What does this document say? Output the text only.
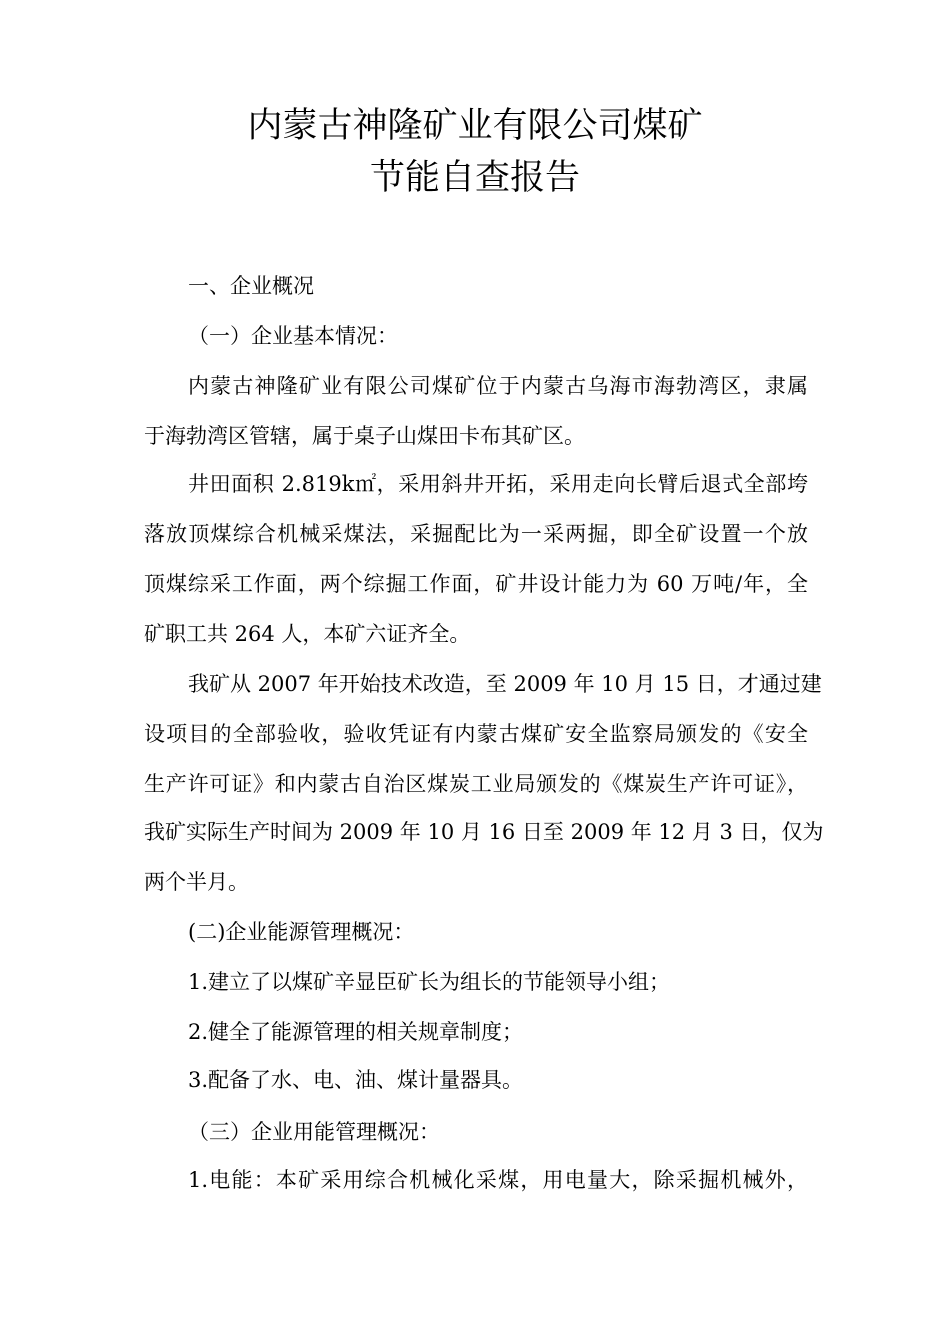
内蒙古神隆矿业有限公司煤矿
节能自查报告
一、企业概况
（一）企业基本情况：
内蒙古神隆矿业有限公司煤矿位于内蒙古乌海市海勃湾区，隶属
于海勃湾区管辖，属于桌子山煤田卡布其矿区。
井田面积 2.819k㎡，采用斜井开拓，采用走向长臂后退式全部垮
落放顶煤综合机械采煤法，采掘配比为一采两掘，即全矿设置一个放
顶煤综采工作面，两个综掘工作面，矿井设计能力为 60 万吨/年，全
矿职工共 264 人，本矿六证齐全。
我矿从 2007 年开始技术改造，至 2009 年 10 月 15 日，才通过建
设项目的全部验收，验收凭证有内蒙古煤矿安全监察局颁发的《安全
生产许可证》和内蒙古自治区煤炭工业局颁发的《煤炭生产许可证》，
我矿实际生产时间为 2009 年 10 月 16 日至 2009 年 12 月 3 日，仅为
两个半月。
(二)企业能源管理概况：
1.建立了以煤矿辛显臣矿长为组长的节能领导小组；
2.健全了能源管理的相关规章制度；
3.配备了水、电、油、煤计量器具。
（三）企业用能管理概况：
1.电能：本矿采用综合机械化采煤，用电量大，除采掘机械外，
